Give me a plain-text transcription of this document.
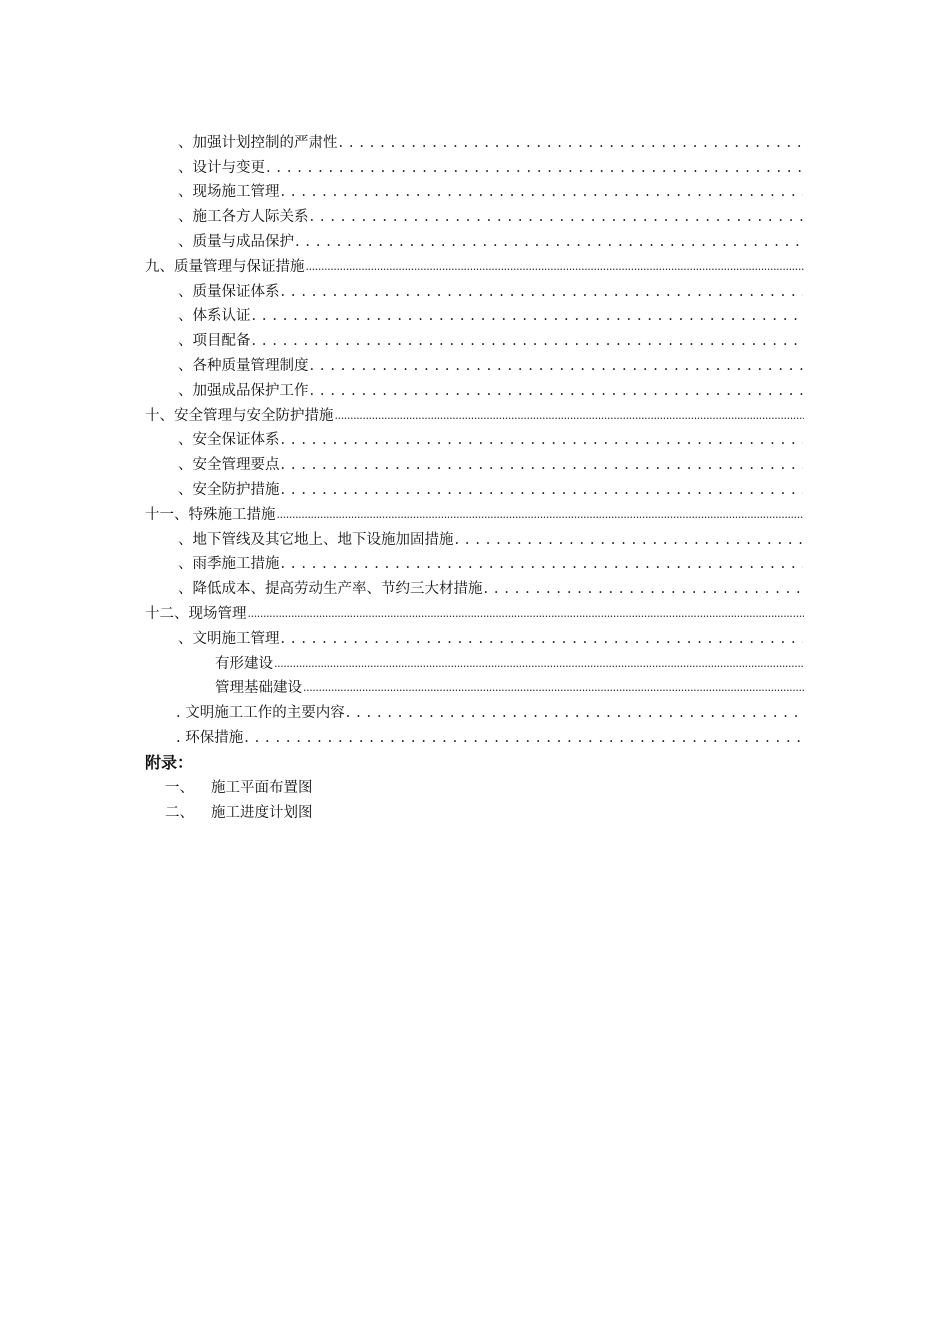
、加强计划控制的严肃性
. . .
、设计与变更
. . .
、现场施工管理
. . .
、施工各方人际关系
. . .
、质量与成品保护
. . .
九、质量管理与保证措施
.....
、质量保证体系
. . .
、体系认证
. . .
、项目配备
. . .
、各种质量管理制度
. . .
、加强成品保护工作
. . .
十、安全管理与安全防护措施
.....
、安全保证体系
. . .
、安全管理要点
. . .
、安全防护措施
. . .
十一、特殊施工措施
.....
、地下管线及其它地上、地下设施加固措施
. . .
、雨季施工措施
. . .
、降低成本、提高劳动生产率、节约三大材措施
. . .
十二、现场管理
.....
、文明施工管理
. . .
有形建设
.....
管理基础建设
.....
. 文明施工工作的主要内容
. . .
. 环保措施
. . .
附录：
一、 施工平面布置图
二、 施工进度计划图
